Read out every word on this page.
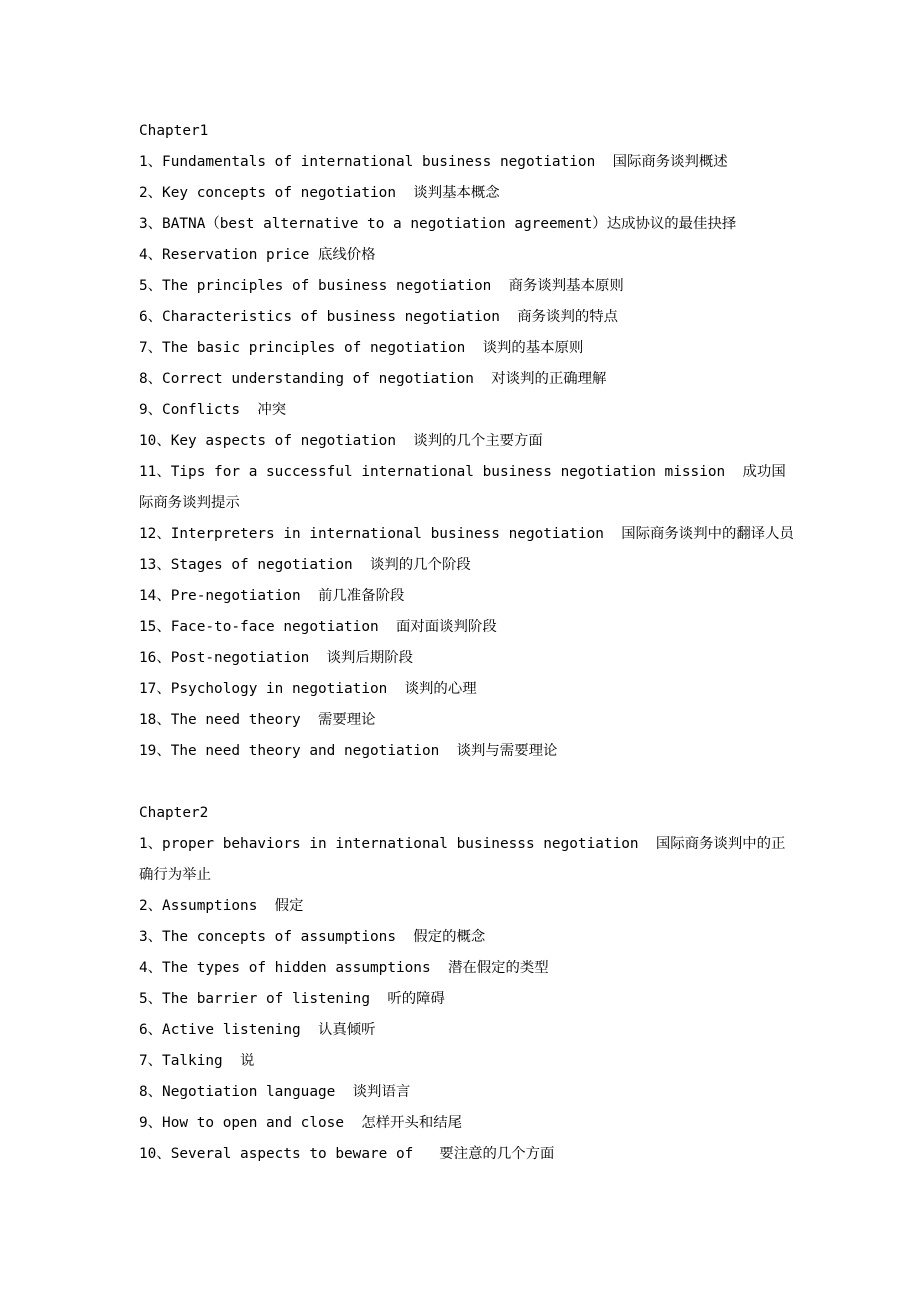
Chapter1

1、Fundamentals of international business negotiation  国际商务谈判概述

2、Key concepts of negotiation  谈判基本概念

3、BATNA（best alternative to a negotiation agreement）达成协议的最佳抉择

4、Reservation price 底线价格

5、The principles of business negotiation  商务谈判基本原则

6、Characteristics of business negotiation  商务谈判的特点

7、The basic principles of negotiation  谈判的基本原则

8、Correct understanding of negotiation  对谈判的正确理解

9、Conflicts  冲突

10、Key aspects of negotiation  谈判的几个主要方面

11、Tips for a successful international business negotiation mission  成功国际商务谈判提示

12、Interpreters in international business negotiation  国际商务谈判中的翻译人员

13、Stages of negotiation  谈判的几个阶段

14、Pre-negotiation  前几准备阶段

15、Face-to-face negotiation  面对面谈判阶段

16、Post-negotiation  谈判后期阶段

17、Psychology in negotiation  谈判的心理

18、The need theory  需要理论

19、The need theory and negotiation  谈判与需要理论

Chapter2

1、proper behaviors in international businesss negotiation  国际商务谈判中的正确行为举止

2、Assumptions  假定

3、The concepts of assumptions  假定的概念

4、The types of hidden assumptions  潜在假定的类型

5、The barrier of listening  听的障碍

6、Active listening  认真倾听

7、Talking  说

8、Negotiation language  谈判语言

9、How to open and close  怎样开头和结尾

10、Several aspects to beware of   要注意的几个方面
